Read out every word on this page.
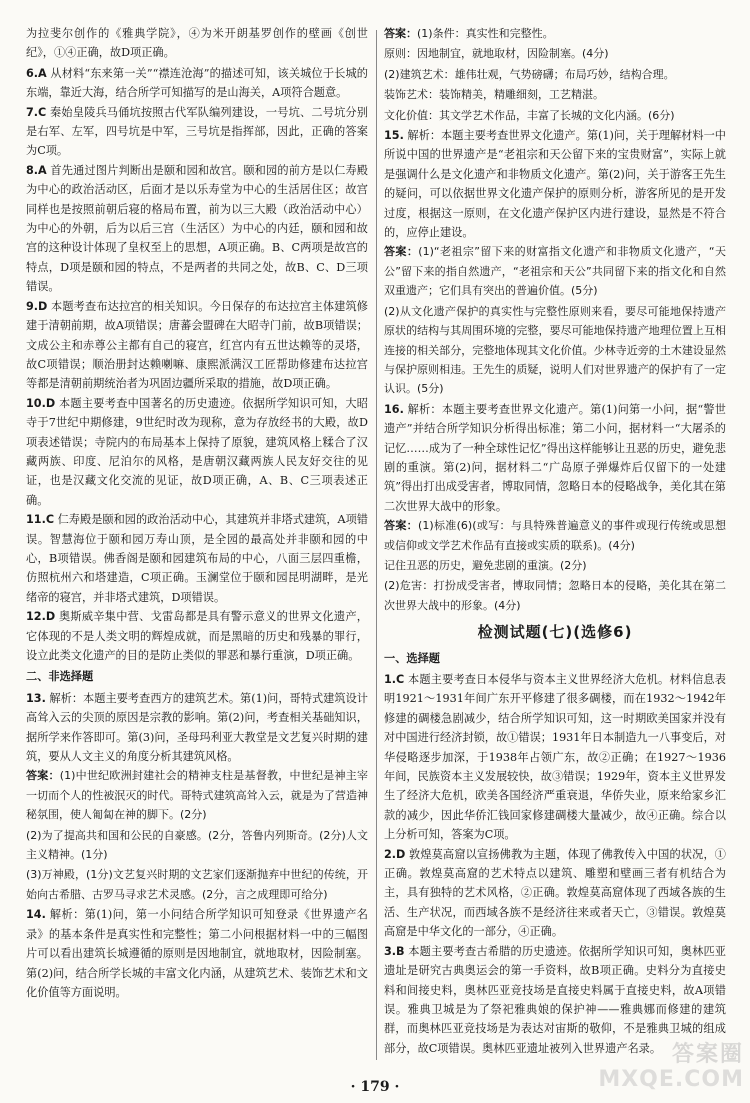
为拉斐尔创作的《雅典学院》，④为米开朗基罗创作的壁画《创世纪》，①④正确，故D项正确。

6.A 从材料“东来第一关”“襟连沧海”的描述可知，该关城位于长城的东端，靠近大海，结合所学可知描写的是山海关，A项符合题意。

7.C 秦始皇陵兵马俑坑按照古代军队编列建设，一号坑、二号坑分别是右军、左军，四号坑是中军，三号坑是指挥部，因此，正确的答案为C项。

8.A 首先通过图片判断出是颐和园和故宫。颐和园的前方是以仁寿殿为中心的政治活动区，后面才是以乐寿堂为中心的生活居住区；故宫同样也是按照前朝后寝的格局布置，前为以三大殿（政治活动中心）为中心的外朝，后为以后三宫（生活区）为中心的内廷，颐和园和故宫的这种设计体现了皇权至上的思想，A项正确。B、C两项是故宫的特点，D项是颐和园的特点，不是两者的共同之处，故B、C、D三项错误。

9.D 本题考查布达拉宫的相关知识。今日保存的布达拉宫主体建筑修建于清朝前期，故A项错误；唐蕃会盟碑在大昭寺门前，故B项错误；文成公主和赤尊公主都有自己的寝宫，红宫内有五世达赖等的灵塔，故C项错误；顺治册封达赖喇嘛、康熙派满汉工匠帮助修建布达拉宫等都是清朝前期统治者为巩固边疆所采取的措施，故D项正确。

10.D 本题主要考查中国著名的历史遗迹。依据所学知识可知，大昭寺于7世纪中期修建，9世纪时改为现称，意为存放经书的大殿，故D项表述错误；寺院内的布局基本上保持了原貌，建筑风格上糅合了汉藏两族、印度、尼泊尔的风格，是唐朝汉藏两族人民友好交往的见证，也是汉藏文化交流的见证，故D项正确，A、B、C三项表述正确。

11.C 仁寿殿是颐和园的政治活动中心，其建筑并非塔式建筑，A项错误。智慧海位于颐和园万寿山顶，是全园的最高处并非颐和园的中心，B项错误。佛香阁是颐和园建筑布局的中心，八面三层四重檐，仿照杭州六和塔建造，C项正确。玉澜堂位于颐和园昆明湖畔，是光绪帝的寝宫，并非塔式建筑，D项错误。

12.D 奥斯威辛集中营、戈雷岛都是具有警示意义的世界文化遗产，它体现的不是人类文明的辉煌成就，而是黑暗的历史和残暴的罪行，设立此类文化遗产的目的是防止类似的罪恶和暴行重演，D项正确。

二、非选择题

13. 解析：本题主要考查西方的建筑艺术。第(1)问，哥特式建筑设计高耸入云的尖顶的原因是宗教的影响。第(2)问，考查相关基础知识，据所学来作答即可。第(3)问，圣母玛利亚大教堂是文艺复兴时期的建筑，要从人文主义的角度分析其建筑风格。

答案：(1)中世纪欧洲封建社会的精神支柱是基督教，中世纪是神主宰一切而个人的性被泯灭的时代。哥特式建筑高耸入云，就是为了营造神秘氛围，使人匍匐在神的脚下。(2分)

(2)为了提高共和国和公民的自豪感。(2分，答鲁内列斯奇。(2分)人文主义精神。(1分)

(3)万神殿，(1分)文艺复兴时期的文艺家们逐渐抛弃中世纪的传统，开始向古希腊、古罗马寻求艺术灵感。(2分，言之成理即可给分)

14. 解析：第(1)问，第一小问结合所学知识可知登录《世界遗产名录》的基本条件是真实性和完整性；第二小问根据材料一中的三幅图片可以看出建筑长城遵循的原则是因地制宜，就地取材，因险制塞。第(2)问，结合所学长城的丰富文化内涵，从建筑艺术、装饰艺术和文化价值等方面说明。

答案：(1)条件：真实性和完整性。

原则：因地制宜，就地取材，因险制塞。(4分)

(2)建筑艺术：雄伟壮观，气势磅礴；布局巧妙，结构合理。

装饰艺术：装饰精美，精雕细刻，工艺精湛。

文化价值：其文学艺术作品，丰富了长城的文化内涵。(6分)

15. 解析：本题主要考查世界文化遗产。第(1)问，关于理解材料一中所说中国的世界遗产是“老祖宗和天公留下来的宝贵财富”，实际上就是强调什么是文化遗产和非物质文化遗产。第(2)问，关于游客王先生的疑问，可以依据世界文化遗产保护的原则分析，游客所见的是开发过度，根据这一原则，在文化遗产保护区内进行建设，显然是不符合的，应停止建设。

答案：(1)“老祖宗”留下来的财富指文化遗产和非物质文化遗产，“天公”留下来的指自然遗产，“老祖宗和天公”共同留下来的指文化和自然双重遗产；它们具有突出的普遍价值。(5分)

(2)从文化遗产保护的真实性与完整性原则来看，要尽可能地保持遗产原状的结构与其周围环境的完整，要尽可能地保持遗产地理位置上互相连接的相关部分，完整地体现其文化价值。少林寺近旁的土木建设显然与保护原则相违。王先生的质疑，说明人们对世界遗产的保护有了一定认识。(5分)

16. 解析：本题主要考查世界文化遗产。第(1)问第一小问，据“警世遗产”并结合所学知识分析得出标准；第二小问，据材料一“大屠杀的记忆……成为了一种全球性记忆”得出这样能够让丑恶的历史，避免悲剧的重演。第(2)问，据材料二“广岛原子弹爆炸后仅留下的一处建筑”得出打出成受害者，博取同情，忽略日本的侵略战争，美化其在第二次世界大战中的形象。

答案：(1)标准(6)(或写：与具特殊普遍意义的事件或现行传统或思想或信仰或文学艺术作品有直接或实质的联系)。(4分)

记住丑恶的历史，避免悲剧的重演。(2分)

(2)危害：打扮成受害者，博取同情；忽略日本的侵略，美化其在第二次世界大战中的形象。(4分)

检测试题(七)(选修6)

一、选择题

1.C 本题主要考查日本侵华与资本主义世界经济大危机。材料信息表明1921～1931年间广东开平修建了很多碉楼，而在1932～1942年修建的碉楼急剧减少，结合所学知识可知，这一时期欧美国家并没有对中国进行经济封锁，故①错误；1931年日本制造九一八事变后，对华侵略逐步加深，于1938年占领广东，故②正确；在1927～1936年间，民族资本主义发展较快，故③错误；1929年，资本主义世界发生了经济大危机，欧美各国经济严重衰退，华侨失业，原来给家乡汇款的减少，因此华侨汇钱回家修建碉楼大量减少，故④正确。综合以上分析可知，答案为C项。

2.D 敦煌莫高窟以宣扬佛教为主题，体现了佛教传入中国的状况，①正确。敦煌莫高窟的艺术特点以建筑、雕塑和壁画三者有机结合为主，具有独特的艺术风格，②正确。敦煌莫高窟体现了西域各族的生活、生产状况，而西域各族不是经济往来或者天亡，③错误。敦煌莫高窟是中华文化的一部分，④正确。

3.B 本题主要考查古希腊的历史遗迹。依据所学知识可知，奥林匹亚遗址是研究古典奥运会的第一手资料，故B项正确。史料分为直接史料和间接史料，奥林匹亚竞技场是直接史料属于直接史料，故A项错误。雅典卫城是为了祭祀雅典娘的保护神——雅典娜而修建的建筑群，而奥林匹亚竞技场是为表达对宙斯的敬仰，不是雅典卫城的组成部分，故C项错误。奥林匹亚遗址被列入世界遗产名录。

· 179 ·
答案圈
MXQE.COM
